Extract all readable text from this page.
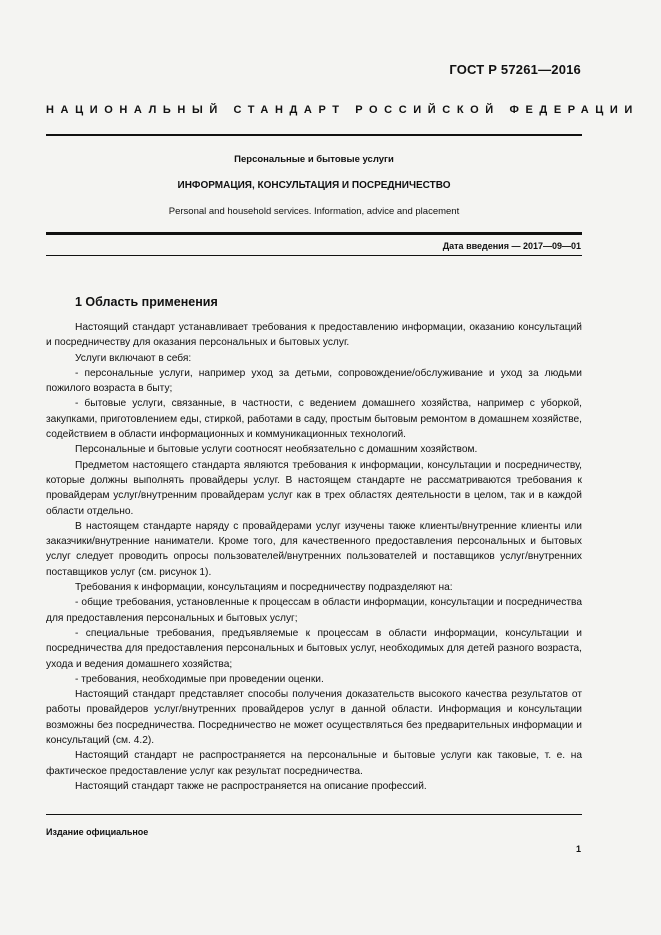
ГОСТ Р 57261—2016
НАЦИОНАЛЬНЫЙ СТАНДАРТ РОССИЙСКОЙ ФЕДЕРАЦИИ
Персональные и бытовые услуги
ИНФОРМАЦИЯ, КОНСУЛЬТАЦИЯ И ПОСРЕДНИЧЕСТВО
Personal and household services. Information, advice and placement
Дата введения — 2017—09—01
1 Область применения

Настоящий стандарт устанавливает требования к предоставлению информации, оказанию консультаций и посредничеству для оказания персональных и бытовых услуг.

Услуги включают в себя:

- персональные услуги, например уход за детьми, сопровождение/обслуживание и уход за людьми пожилого возраста в быту;

- бытовые услуги, связанные, в частности, с ведением домашнего хозяйства, например с уборкой, закупками, приготовлением еды, стиркой, работами в саду, простым бытовым ремонтом в домашнем хозяйстве, содействием в области информационных и коммуникационных технологий.

Персональные и бытовые услуги соотносят необязательно с домашним хозяйством.

Предметом настоящего стандарта являются требования к информации, консультации и посредничеству, которые должны выполнять провайдеры услуг. В настоящем стандарте не рассматриваются требования к провайдерам услуг/внутренним провайдерам услуг как в трех областях деятельности в целом, так и в каждой области отдельно.

В настоящем стандарте наряду с провайдерами услуг изучены также клиенты/внутренние клиенты или заказчики/внутренние наниматели. Кроме того, для качественного предоставления персональных и бытовых услуг следует проводить опросы пользователей/внутренних пользователей и поставщиков услуг/внутренних поставщиков услуг (см. рисунок 1).

Требования к информации, консультациям и посредничеству подразделяют на:

- общие требования, установленные к процессам в области информации, консультации и посредничества для предоставления персональных и бытовых услуг;

- специальные требования, предъявляемые к процессам в области информации, консультации и посредничества для предоставления персональных и бытовых услуг, необходимых для детей разного возраста, ухода и ведения домашнего хозяйства;

- требования, необходимые при проведении оценки.

Настоящий стандарт представляет способы получения доказательств высокого качества результатов от работы провайдеров услуг/внутренних провайдеров услуг в данной области. Информация и консультации возможны без посредничества. Посредничество не может осуществляться без предварительных информации и консультаций (см. 4.2).

Настоящий стандарт не распространяется на персональные и бытовые услуги как таковые, т. е. на фактическое предоставление услуг как результат посредничества.

Настоящий стандарт также не распространяется на описание профессий.

Издание официальное
1
